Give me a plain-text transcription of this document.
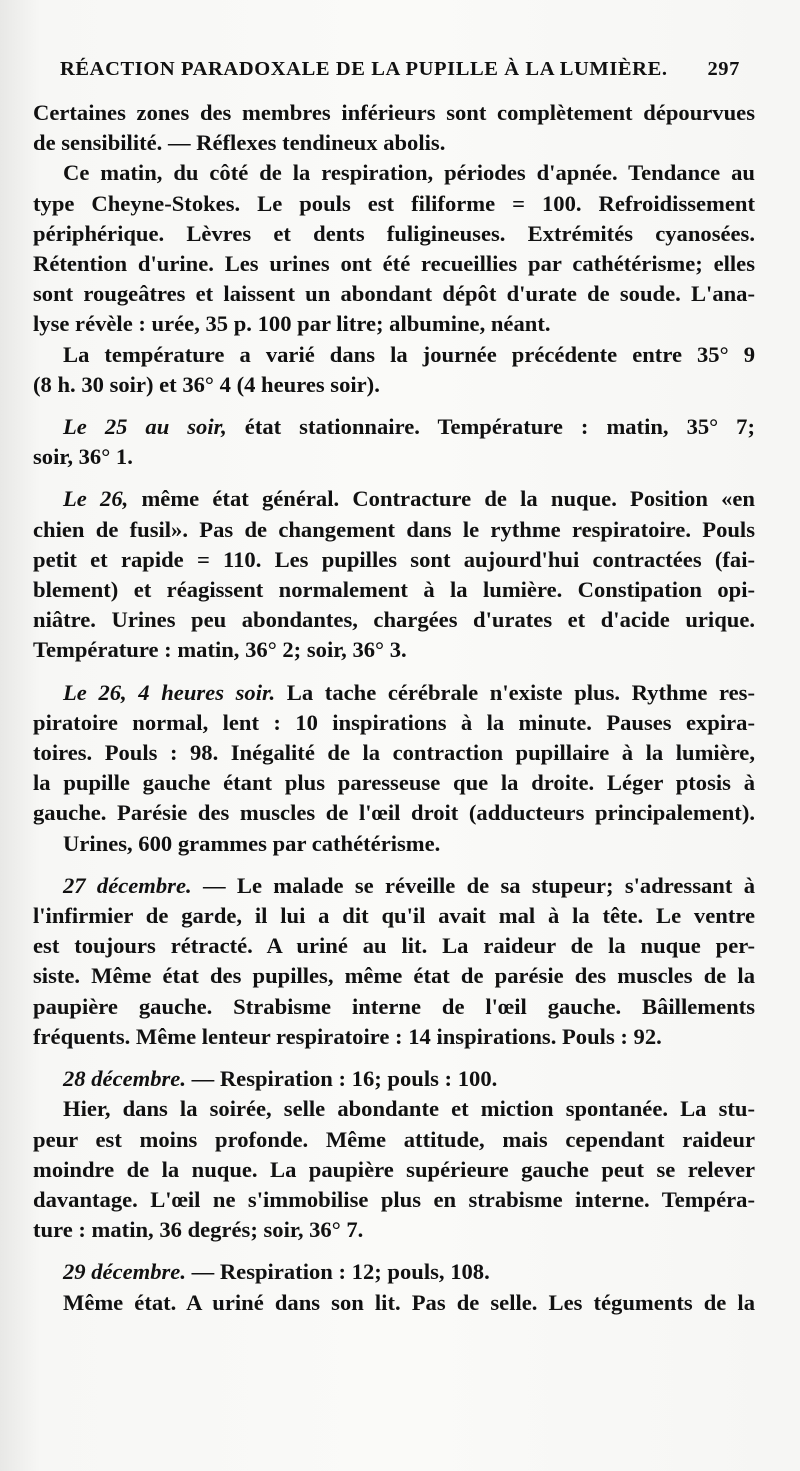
RÉACTION PARADOXALE DE LA PUPILLE À LA LUMIÈRE. 297
Certaines zones des membres inférieurs sont complètement dépourvues
de sensibilité. — Réflexes tendineux abolis.
Ce matin, du côté de la respiration, périodes d'apnée. Tendance au
type Cheyne-Stokes. Le pouls est filiforme = 100. Refroidissement
périphérique. Lèvres et dents fuligineuses. Extrémités cyanosées.
Rétention d'urine. Les urines ont été recueillies par cathétérisme; elles
sont rougeâtres et laissent un abondant dépôt d'urate de soude. L'ana-
lyse révèle : urée, 35 p. 100 par litre; albumine, néant.
La température a varié dans la journée précédente entre 35° 9
(8 h. 30 soir) et 36° 4 (4 heures soir).
Le 25 au soir, état stationnaire. Température : matin, 35° 7;
soir, 36° 1.
Le 26, même état général. Contracture de la nuque. Position «en
chien de fusil». Pas de changement dans le rythme respiratoire. Pouls
petit et rapide = 110. Les pupilles sont aujourd'hui contractées (fai-
blement) et réagissent normalement à la lumière. Constipation opi-
niâtre. Urines peu abondantes, chargées d'urates et d'acide urique.
Température : matin, 36° 2; soir, 36° 3.
Le 26, 4 heures soir. La tache cérébrale n'existe plus. Rythme res-
piratoire normal, lent : 10 inspirations à la minute. Pauses expira-
toires. Pouls : 98. Inégalité de la contraction pupillaire à la lumière,
la pupille gauche étant plus paresseuse que la droite. Léger ptosis à
gauche. Parésie des muscles de l'œil droit (adducteurs principalement).
Urines, 600 grammes par cathétérisme.
27 décembre. — Le malade se réveille de sa stupeur; s'adressant à
l'infirmier de garde, il lui a dit qu'il avait mal à la tête. Le ventre
est toujours rétracté. A uriné au lit. La raideur de la nuque per-
siste. Même état des pupilles, même état de parésie des muscles de la
paupière gauche. Strabisme interne de l'œil gauche. Bâillements
fréquents. Même lenteur respiratoire : 14 inspirations. Pouls : 92.
28 décembre. — Respiration : 16; pouls : 100.
Hier, dans la soirée, selle abondante et miction spontanée. La stu-
peur est moins profonde. Même attitude, mais cependant raideur
moindre de la nuque. La paupière supérieure gauche peut se relever
davantage. L'œil ne s'immobilise plus en strabisme interne. Tempéra-
ture : matin, 36 degrés; soir, 36° 7.
29 décembre. — Respiration : 12; pouls, 108.
Même état. A uriné dans son lit. Pas de selle. Les téguments de la
